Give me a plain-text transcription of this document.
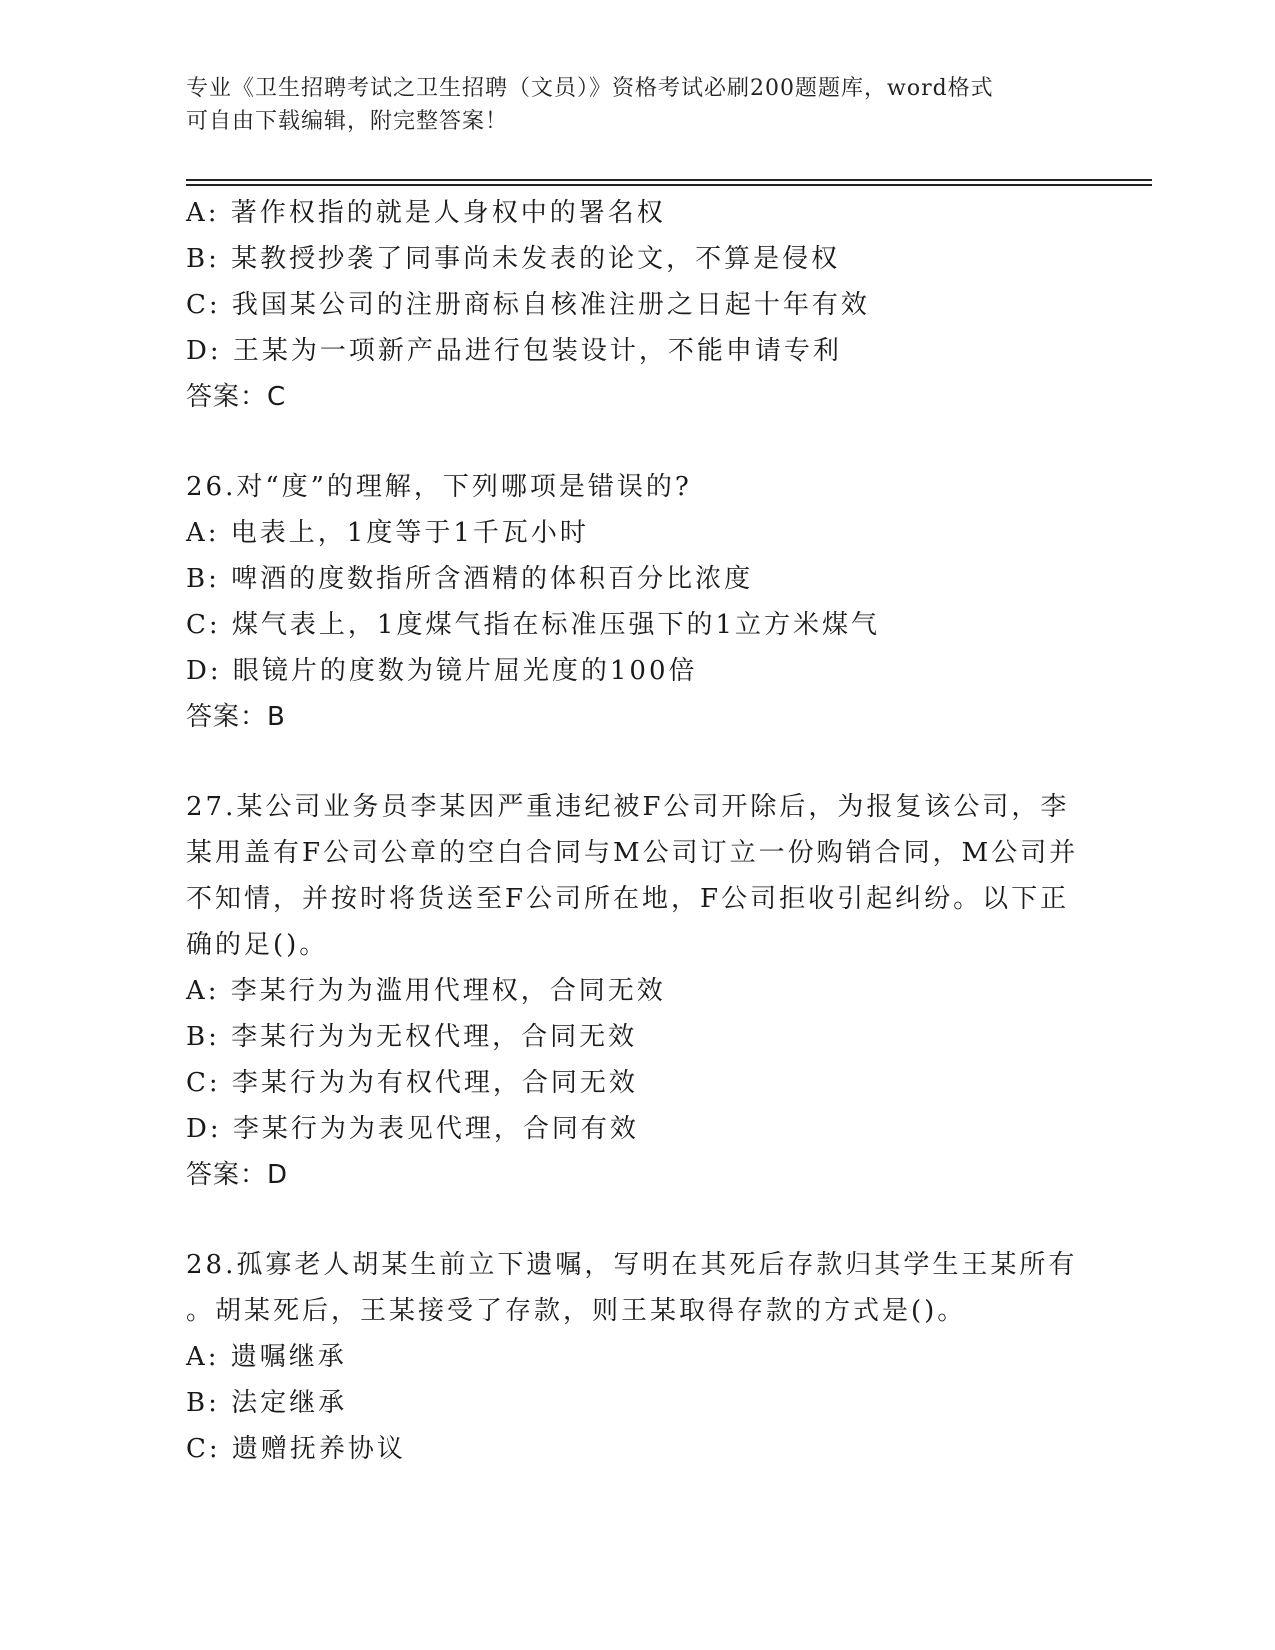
专业《卫生招聘考试之卫生招聘（文员）》资格考试必刷200题题库，word格式
可自由下载编辑，附完整答案！
A: 著作权指的就是人身权中的署名权
B: 某教授抄袭了同事尚未发表的论文，不算是侵权
C: 我国某公司的注册商标自核准注册之日起十年有效
D: 王某为一项新产品进行包装设计，不能申请专利
答案：C
26.对“度”的理解，下列哪项是错误的?
A: 电表上，1度等于1千瓦小时
B: 啤酒的度数指所含酒精的体积百分比浓度
C: 煤气表上，1度煤气指在标准压强下的1立方米煤气
D: 眼镜片的度数为镜片屈光度的100倍
答案：B
27.某公司业务员李某因严重违纪被F公司开除后，为报复该公司，李
某用盖有F公司公章的空白合同与M公司订立一份购销合同，M公司并
不知情，并按时将货送至F公司所在地，F公司拒收引起纠纷。以下正
确的足()。
A: 李某行为为滥用代理权，合同无效
B: 李某行为为无权代理，合同无效
C: 李某行为为有权代理，合同无效
D: 李某行为为表见代理，合同有效
答案：D
28.孤寡老人胡某生前立下遗嘱，写明在其死后存款归其学生王某所有
。胡某死后，王某接受了存款，则王某取得存款的方式是()。
A: 遗嘱继承
B: 法定继承
C: 遗赠抚养协议
